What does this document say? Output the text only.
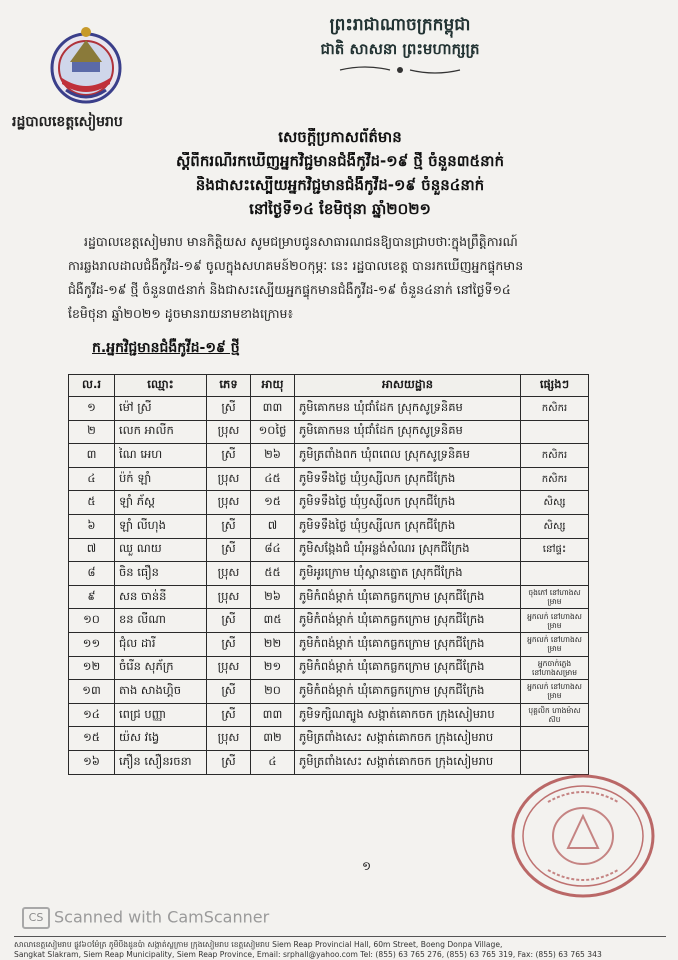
រដ្ឋបាលខេត្តសៀមរាប
ព្រះរាជាណាចក្រកម្ពុជា
ជាតិ សាសនា ព្រះមហាក្សត្រ
សេចក្តីប្រកាសព័ត៌មាន
ស្តីពីករណីរកឃើញអ្នកវិជ្ជមានជំងឺកូវីដ-១៩ ថ្មី ចំនួន៣៥នាក់
និងជាសះស្បើយអ្នកវិជ្ជមានជំងឺកូវីដ-១៩ ចំនួន៤នាក់
នៅថ្ងៃទី១៤ ខែមិថុនា ឆ្នាំ២០២១
រដ្ឋបាលខេត្តសៀមរាប មានកិត្តិយស សូមជម្រាបជូនសាធារណជនឱ្យបានជ្រាបថាៈក្នុងព្រឹត្តិការណ៍
ការឆ្លងរាលដាលជំងឺកូវីដ-១៩ ចូលក្នុងសហគមន៍២០កុម្ភៈ នេះ រដ្ឋបាលខេត្ត បានរកឃើញអ្នកផ្ទុកមាន
ជំងឺកូវីដ-១៩ ថ្មី ចំនួន៣៥នាក់ និងជាសះស្បើយអ្នកផ្ទុកមានជំងឺកូវីដ-១៩ ចំនួន៤នាក់ នៅថ្ងៃទី១៤
ខែមិថុនា ឆ្នាំ២០២១ ដូចមានរាយនាមខាងក្រោម៖
ក.អ្នកវិជ្ជមានជំងឺកូវីដ-១៩ ថ្មី
ល.រ	ឈ្មោះ	ភេទ	អាយុ	អាសយដ្ឋាន	ផ្សេងៗ
១	ម៉ៅ ស្រី	ស្រី	៣៣	ភូមិគោកមន ឃុំជាំដែក ស្រុកសូទ្រនិគម	កសិករ
២	លេក អាលីក	ប្រុស	១០ថ្ងៃ	ភូមិគោកមន ឃុំជាំដែក ស្រុកសូទ្រនិគម	
៣	ណៃ អេហ	ស្រី	២៦	ភូមិត្រពាំងពក ឃុំពពេល ស្រុកសូទ្រនិគម	កសិករ
៤	ប៉ក់ ឡាំ	ប្រុស	៤៥	ភូមិទទឹងថ្ងៃ ឃុំឫស្សីលក ស្រុកជីក្រែង	កសិករ
៥	ឡាំ ភ័ស្ត	ប្រុស	១៥	ភូមិទទឹងថ្ងៃ ឃុំឫស្សីលក ស្រុកជីក្រែង	សិស្ស
៦	ឡាំ លីហុង	ស្រី	៧	ភូមិទទឹងថ្ងៃ ឃុំឫស្សីលក ស្រុកជីក្រែង	សិស្ស
៧	ឈួ ណយ	ស្រី	៨៤	ភូមិសង្កែងជំ ឃុំអន្លង់សំណរ ស្រុកជីក្រែង	នៅផ្ទះ
៨	ចិន ធឿន	ប្រុស	៥៥	ភូមិអូរក្រោម ឃុំស្ពានត្នោត ស្រុកជីក្រែង	
៩	សន ចាន់នី	ប្រុស	២៦	ភូមិកំពង់ម្កាក់ ឃុំគោកធ្លកក្រោម ស្រុកជីក្រែង	ចុងភៅ នៅហាងសម្រាម
១០	ខន លីណា	ស្រី	៣៥	ភូមិកំពង់ម្កាក់ ឃុំគោកធ្លកក្រោម ស្រុកជីក្រែង	អ្នកលក់ នៅហាងសម្រាម
១១	ជុំល ដារី	ស្រី	២២	ភូមិកំពង់ម្កាក់ ឃុំគោកធ្លកក្រោម ស្រុកជីក្រែង	អ្នកលក់ នៅហាងសម្រាម
១២	ចំរើន សុភ័ក្រ	ប្រុស	២១	ភូមិកំពង់ម្កាក់ ឃុំគោកធ្លកក្រោម ស្រុកជីក្រែង	អ្នកចាក់ភ្លេង នៅហាងសម្រាម
១៣	តាង សាងហ្គិច	ស្រី	២០	ភូមិកំពង់ម្កាក់ ឃុំគោកធ្លកក្រោម ស្រុកជីក្រែង	អ្នកលក់ នៅហាងសម្រាម
១៤	ពេជ្រ បញ្ញា	ស្រី	៣៣	ភូមិទក្សិណត្បូង សង្កាត់គោកចក ក្រុងសៀមរាប	បុគ្គលិក ហាងម៉ាស ស៊ប
១៥	យ៉ស វង្វេ	ប្រុស	៣២	ភូមិត្រពាំងសេះ សង្កាត់គោកចក ក្រុងសៀមរាប	
១៦	ភឿន សឿនរចនា	ស្រី	៤	ភូមិត្រពាំងសេះ សង្កាត់គោកចក ក្រុងសៀមរាប	
១
CS Scanned with CamScanner
សាលាខេត្តសៀមរាប ផ្លូវ៦០ម៉ែត្រ ភូមិបឹងដូនប៉ា សង្កាត់ស្លក្រាម ក្រុងសៀមរាប ខេត្តសៀមរាប Siem Reap Provincial Hall, 60m Street, Boeng Donpa Village,
Sangkat Slakram, Siem Reap Municipality, Siem Reap Province, Email: srphall@yahoo.com Tel: (855) 63 765 276, (855) 63 765 319, Fax: (855) 63 765 343
